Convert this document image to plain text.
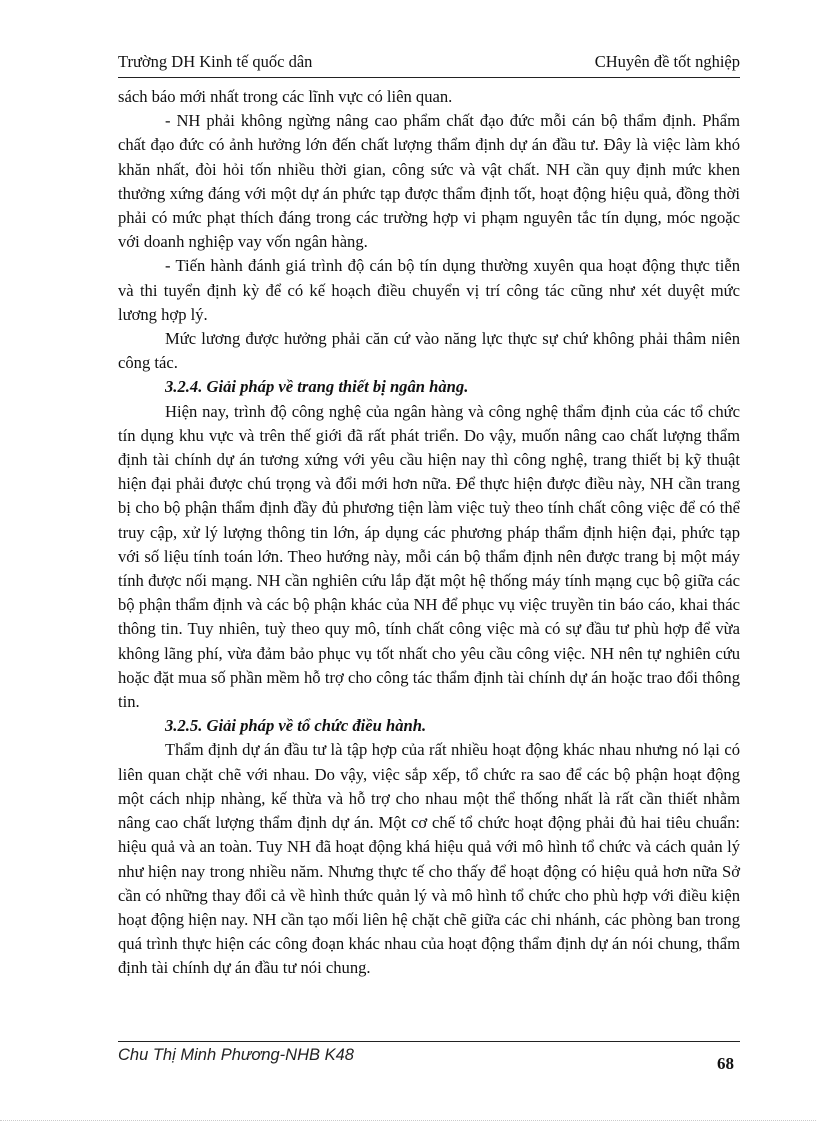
Trường DH Kinh tế quốc dân	CHuyên đề tốt nghiệp

sách báo mới nhất trong các lĩnh vực có liên quan.

- NH phải không ngừng nâng cao phẩm chất đạo đức mỗi cán bộ thẩm định. Phẩm chất đạo đức có ảnh hưởng lớn đến chất lượng thẩm định dự án đầu tư. Đây là việc làm khó khăn nhất, đòi hỏi tốn nhiều thời gian, công sức và vật chất. NH cần quy định mức khen thưởng xứng đáng với một dự án phức tạp được thẩm định tốt, hoạt động hiệu quả, đồng thời phải có mức phạt thích đáng trong các trường hợp vi phạm nguyên tắc tín dụng, móc ngoặc với doanh nghiệp vay vốn ngân hàng.

- Tiến hành đánh giá trình độ cán bộ tín dụng thường xuyên qua hoạt động thực tiễn và thi tuyển định kỳ để có kế hoạch điều chuyển vị trí công tác cũng như xét duyệt mức lương hợp lý.

Mức lương được hưởng phải căn cứ vào năng lực thực sự chứ không phải thâm niên công tác.

3.2.4. Giải pháp về trang thiết bị ngân hàng.

Hiện nay, trình độ công nghệ của ngân hàng và công nghệ thẩm định của các tổ chức tín dụng khu vực và trên thế giới đã rất phát triển. Do vậy, muốn nâng cao chất lượng thẩm định tài chính dự án tương xứng với yêu cầu hiện nay thì công nghệ, trang thiết bị kỹ thuật hiện đại phải được chú trọng và đổi mới hơn nữa. Để thực hiện được điều này, NH cần trang bị cho bộ phận thẩm định đầy đủ phương tiện làm việc tuỳ theo tính chất công việc để có thể truy cập, xử lý lượng thông tin lớn, áp dụng các phương pháp thẩm định hiện đại, phức tạp với số liệu tính toán lớn. Theo hướng này, mỗi cán bộ thẩm định nên được trang bị một máy tính được nối mạng. NH cần nghiên cứu lắp đặt một hệ thống máy tính mạng cục bộ giữa các bộ phận thẩm định và các bộ phận khác của NH để phục vụ việc truyền tin báo cáo, khai thác thông tin. Tuy nhiên, tuỳ theo quy mô, tính chất công việc mà có sự đầu tư phù hợp để vừa không lãng phí, vừa đảm bảo phục vụ tốt nhất cho yêu cầu công việc. NH nên tự nghiên cứu hoặc đặt mua số phần mềm hỗ trợ cho công tác thẩm định tài chính dự án hoặc trao đổi thông tin.

3.2.5. Giải pháp về tổ chức điều hành.

Thẩm định dự án đầu tư là tập hợp của rất nhiều hoạt động khác nhau nhưng nó lại có liên quan chặt chẽ với nhau. Do vậy, việc sắp xếp, tổ chức ra sao để các bộ phận hoạt động một cách nhịp nhàng, kế thừa và hỗ trợ cho nhau một thể thống nhất là rất cần thiết nhằm nâng cao chất lượng thẩm định dự án. Một cơ chế tổ chức hoạt động phải đủ hai tiêu chuẩn: hiệu quả và an toàn. Tuy NH đã hoạt động khá hiệu quả với mô hình tổ chức và cách quản lý như hiện nay trong nhiều năm. Nhưng thực tế cho thấy để hoạt động có hiệu quả hơn nữa Sở cần có những thay đổi cả về hình thức quản lý và mô hình tổ chức cho phù hợp với điều kiện hoạt động hiện nay. NH cần tạo mối liên hệ chặt chẽ giữa các chi nhánh, các phòng ban trong quá trình thực hiện các công đoạn khác nhau của hoạt động thẩm định dự án nói chung, thẩm định tài chính dự án đầu tư nói chung.

Chu Thị Minh Phương-NHB K48	68
